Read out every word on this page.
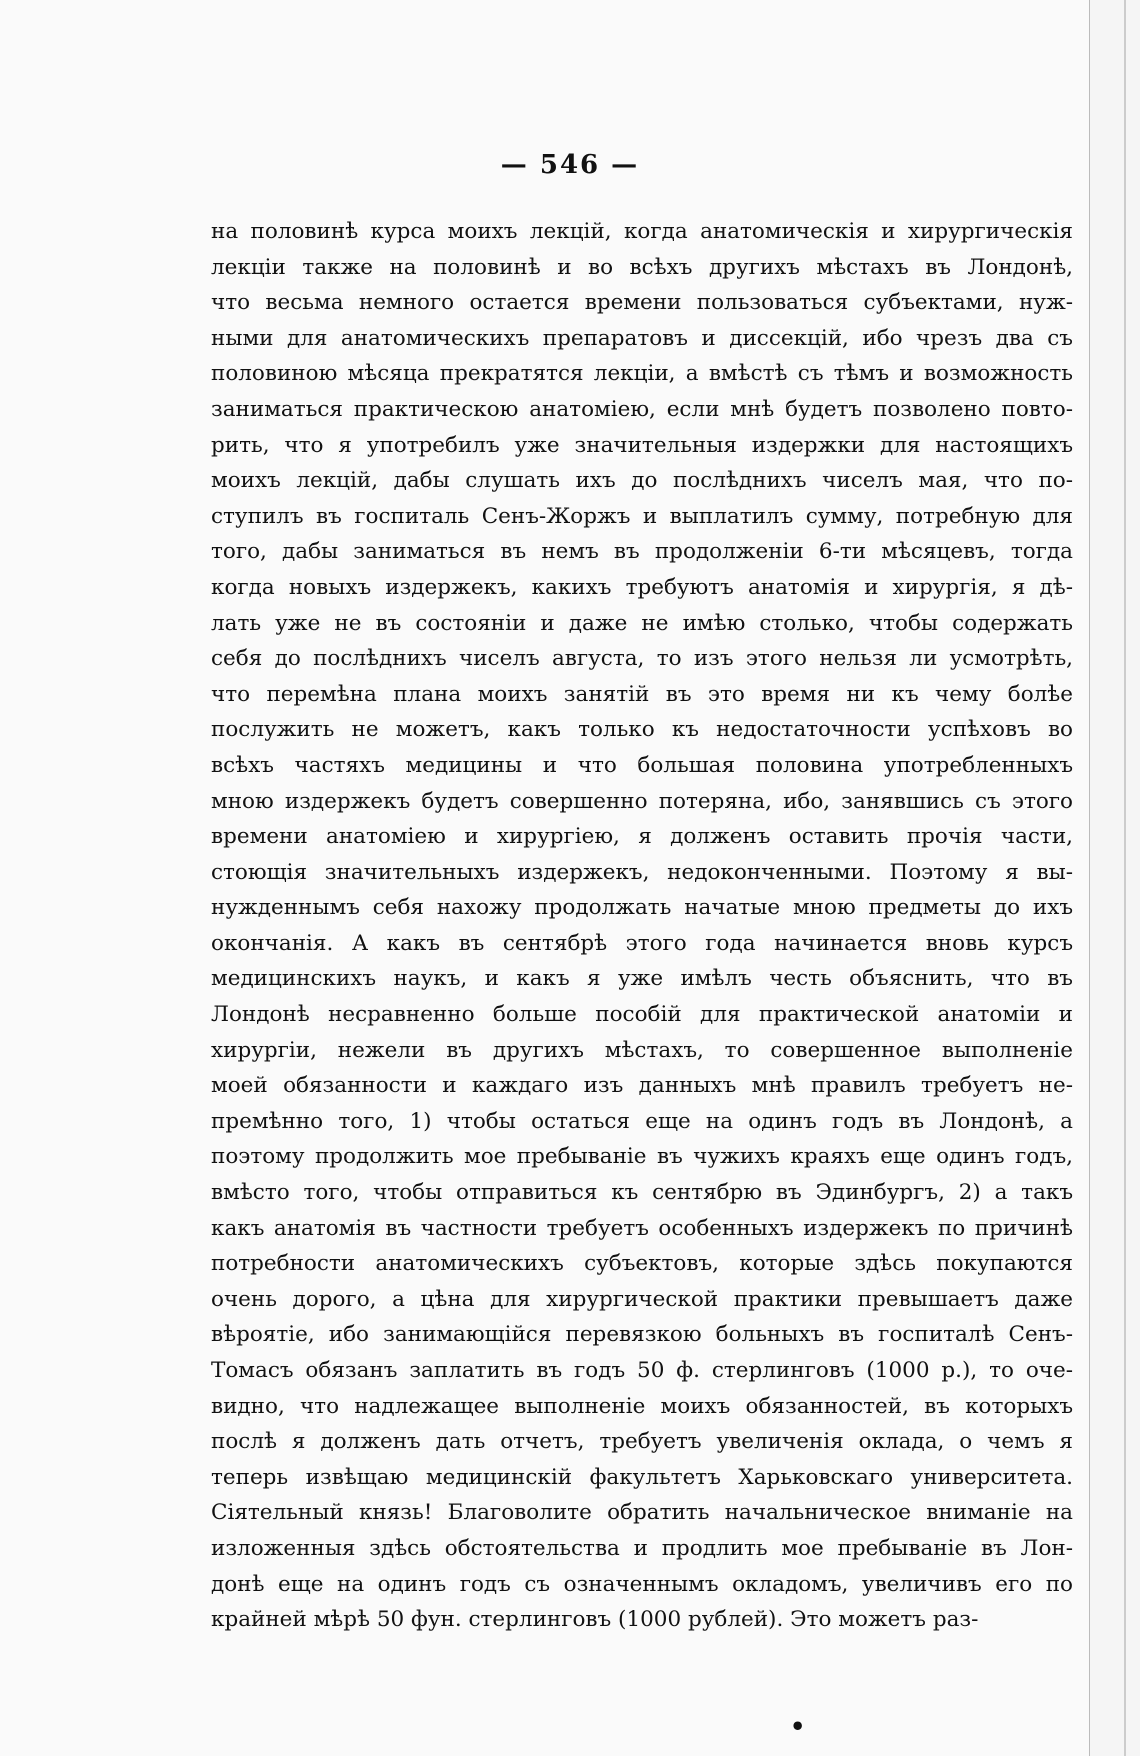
— 546 —
на половинѣ курса моихъ лекцій, когда анатомическія и хирургическія
лекціи также на половинѣ и во всѣхъ другихъ мѣстахъ въ Лондонѣ,
что весьма немного остается времени пользоваться субъектами, нуж-
ными для анатомическихъ препаратовъ и диссекцій, ибо чрезъ два съ
половиною мѣсяца прекратятся лекціи, а вмѣстѣ съ тѣмъ и возможность
заниматься практическою анатоміею, если мнѣ будетъ позволено повто-
рить, что я употребилъ уже значительныя издержки для настоящихъ
моихъ лекцій, дабы слушать ихъ до послѣднихъ чиселъ мая, что по-
ступилъ въ госпиталь Сенъ-Жоржъ и выплатилъ сумму, потребную для
того, дабы заниматься въ немъ въ продолженіи 6-ти мѣсяцевъ, тогда
когда новыхъ издержекъ, какихъ требуютъ анатомія и хирургія, я дѣ-
лать уже не въ состояніи и даже не имѣю столько, чтобы содержать
себя до послѣднихъ чиселъ августа, то изъ этого нельзя ли усмотрѣть,
что перемѣна плана моихъ занятій въ это время ни къ чему болѣе
послужить не можетъ, какъ только къ недостаточности успѣховъ во
всѣхъ частяхъ медицины и что большая половина употребленныхъ
мною издержекъ будетъ совершенно потеряна, ибо, занявшись съ этого
времени анатоміею и хирургіею, я долженъ оставить прочія части,
стоющія значительныхъ издержекъ, недоконченными. Поэтому я вы-
нужденнымъ себя нахожу продолжать начатые мною предметы до ихъ
окончанія. А какъ въ сентябрѣ этого года начинается вновь курсъ
медицинскихъ наукъ, и какъ я уже имѣлъ честь объяснить, что въ
Лондонѣ несравненно больше пособій для практической анатоміи и
хирургіи, нежели въ другихъ мѣстахъ, то совершенное выполненіе
моей обязанности и каждаго изъ данныхъ мнѣ правилъ требуетъ не-
премѣнно того, 1) чтобы остаться еще на одинъ годъ въ Лондонѣ, а
поэтому продолжить мое пребываніе въ чужихъ краяхъ еще одинъ годъ,
вмѣсто того, чтобы отправиться къ сентябрю въ Эдинбургъ, 2) а такъ
какъ анатомія въ частности требуетъ особенныхъ издержекъ по причинѣ
потребности анатомическихъ субъектовъ, которые здѣсь покупаются
очень дорого, а цѣна для хирургической практики превышаетъ даже
вѣроятіе, ибо занимающійся перевязкою больныхъ въ госпиталѣ Сенъ-
Томасъ обязанъ заплатить въ годъ 50 ф. стерлинговъ (1000 р.), то оче-
видно, что надлежащее выполненіе моихъ обязанностей, въ которыхъ
послѣ я долженъ дать отчетъ, требуетъ увеличенія оклада, о чемъ я
теперь извѣщаю медицинскій факультетъ Харьковскаго университета.
Сіятельный князь! Благоволите обратить начальническое вниманіе на
изложенныя здѣсь обстоятельства и продлить мое пребываніе въ Лон-
донѣ еще на одинъ годъ съ означеннымъ окладомъ, увеличивъ его по
крайней мѣрѣ 50 фун. стерлинговъ (1000 рублей). Это можетъ раз-
•
